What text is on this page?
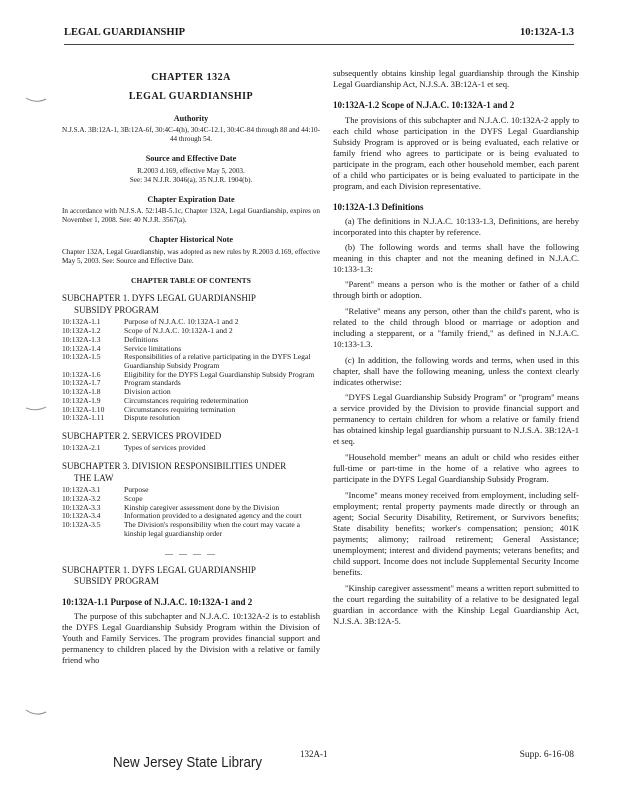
LEGAL GUARDIANSHIP	10:132A-1.3
CHAPTER 132A
LEGAL GUARDIANSHIP
Authority
N.J.S.A. 3B:12A-1, 3B:12A-6f, 30:4C-4(h), 30:4C-12.1, 30:4C-84 through 88 and 44:10-44 through 54.
Source and Effective Date
R.2003 d.169, effective May 5, 2003.
See: 34 N.J.R. 3046(a), 35 N.J.R. 1904(b).
Chapter Expiration Date
In accordance with N.J.S.A. 52:14B-5.1c, Chapter 132A, Legal Guardianship, expires on November 1, 2008. See: 40 N.J.R. 3567(a).
Chapter Historical Note
Chapter 132A, Legal Guardianship, was adopted as new rules by R.2003 d.169, effective May 5, 2003. See: Source and Effective Date.
CHAPTER TABLE OF CONTENTS
SUBCHAPTER 1. DYFS LEGAL GUARDIANSHIP
SUBSIDY PROGRAM
10:132A-1.1	Purpose of N.J.A.C. 10:132A-1 and 2
10:132A-1.2	Scope of N.J.A.C. 10:132A-1 and 2
10:132A-1.3	Definitions
10:132A-1.4	Service limitations
10:132A-1.5	Responsibilities of a relative participating in the DYFS Legal Guardianship Subsidy Program
10:132A-1.6	Eligibility for the DYFS Legal Guardianship Subsidy Program
10:132A-1.7	Program standards
10:132A-1.8	Division action
10:132A-1.9	Circumstances requiring redetermination
10:132A-1.10	Circumstances requiring termination
10:132A-1.11	Dispute resolution
SUBCHAPTER 2. SERVICES PROVIDED
10:132A-2.1	Types of services provided
SUBCHAPTER 3. DIVISION RESPONSIBILITIES UNDER
THE LAW
10:132A-3.1	Purpose
10:132A-3.2	Scope
10:132A-3.3	Kinship caregiver assessment done by the Division
10:132A-3.4	Information provided to a designated agency and the court
10:132A-3.5	The Division's responsibility when the court may vacate a kinship legal guardianship order
— — — —
SUBCHAPTER 1. DYFS LEGAL GUARDIANSHIP
SUBSIDY PROGRAM
10:132A-1.1 Purpose of N.J.A.C. 10:132A-1 and 2

The purpose of this subchapter and N.J.A.C. 10:132A-2 is to establish the DYFS Legal Guardianship Subsidy Program within the Division of Youth and Family Services. The program provides financial support and permanency to children placed by the Division with a relative or family friend who

subsequently obtains kinship legal guardianship through the Kinship Legal Guardianship Act, N.J.S.A. 3B:12A-1 et seq.

10:132A-1.2 Scope of N.J.A.C. 10:132A-1 and 2

The provisions of this subchapter and N.J.A.C. 10:132A-2 apply to each child whose participation in the DYFS Legal Guardianship Subsidy Program is approved or is being evaluated, each relative or family friend who agrees to participate or is being evaluated to participate in the program, each other household member, each parent of a child who participates or is being evaluated to participate in the program, and each Division representative.

10:132A-1.3 Definitions

(a) The definitions in N.J.A.C. 10:133-1.3, Definitions, are hereby incorporated into this chapter by reference.

(b) The following words and terms shall have the following meaning in this chapter and not the meaning defined in N.J.A.C. 10:133-1.3:

"Parent" means a person who is the mother or father of a child through birth or adoption.

"Relative" means any person, other than the child's parent, who is related to the child through blood or marriage or adoption and including a stepparent, or a "family friend," as defined in N.J.A.C. 10:133-1.3.

(c) In addition, the following words and terms, when used in this chapter, shall have the following meaning, unless the context clearly indicates otherwise:

"DYFS Legal Guardianship Subsidy Program" or "program" means a service provided by the Division to provide financial support and permanency to certain children for whom a relative or family friend has obtained kinship legal guardianship pursuant to N.J.S.A. 3B:12A-1 et seq.

"Household member" means an adult or child who resides either full-time or part-time in the home of a relative who agrees to participate in the DYFS Legal Guardianship Subsidy Program.

"Income" means money received from employment, including self-employment; rental property payments made directly or through an agent; Social Security Disability, Retirement, or Survivors benefits; State disability benefits; worker's compensation; pension; 401K payments; alimony; railroad retirement; General Assistance; unemployment; interest and dividend payments; veterans benefits; and child support. Income does not include Supplemental Security Income benefits.

"Kinship caregiver assessment" means a written report submitted to the court regarding the suitability of a relative to be designated legal guardian in accordance with the Kinship Legal Guardianship Act, N.J.S.A. 3B:12A-5.

132A-1	Supp. 6-16-08
New Jersey State Library
